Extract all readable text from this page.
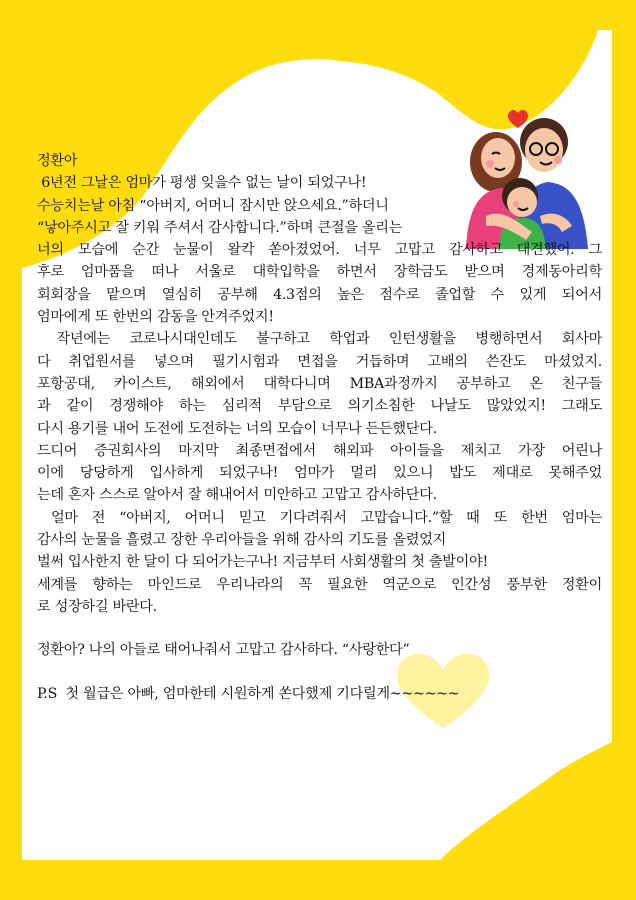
정환아
6년전 그날은 엄마가 평생 잊을수 없는 날이 되었구나!
수능치는날 아침 “아버지, 어머니 잠시만 앉으세요.”하더니
“낳아주시고 잘 키워 주셔서 감사합니다.”하며 큰절을 올리는
너의 모습에 순간 눈물이 왈칵 쏟아졌었어. 너무 고맙고 감사하고 대견했어. 그
후로 엄마품을 떠나 서울로 대학입학을 하면서 장학금도 받으며 경제동아리학
회회장을 맡으며 열심히 공부해 4.3점의 높은 점수로 졸업할 수 있게 되어서
엄마에게 또 한번의 감동을 안겨주었지!
작년에는 코로나시대인데도 불구하고 학업과 인턴생활을 병행하면서 회사마
다 취업원서를 넣으며 필기시험과 면접을 거듭하며 고배의 쓴잔도 마셨었지.
포항공대, 카이스트, 해외에서 대학다니며 MBA과정까지 공부하고 온 친구들
과 같이 경쟁해야 하는 심리적 부담으로 의기소침한 나날도 많았었지! 그래도
다시 용기를 내어 도전에 도전하는 너의 모습이 너무나 든든했단다.
드디어 증권회사의 마지막 최종면접에서 해외파 아이들을 제치고 가장 어린나
이에 당당하게 입사하게 되었구나! 엄마가 멀리 있으니 밥도 제대로 못해주었
는데 혼자 스스로 알아서 잘 해내어서 미안하고 고맙고 감사하단다.
얼마 전 “아버지, 어머니 믿고 기다려줘서 고맙습니다.”할 때 또 한번 엄마는
감사의 눈물을 흘렸고 장한 우리아들을 위해 감사의 기도를 올렸었지
벌써 입사한지 한 달이 다 되어가는구나! 지금부터 사회생활의 첫 출발이야!
세계를 향하는 마인드로 우리나라의 꼭 필요한 역군으로 인간성 풍부한 정환이
로 성장하길 바란다.
정환아? 나의 아들로 태어나줘서 고맙고 감사하다. “사랑한다”
P.S  첫 월급은 아빠, 엄마한테 시원하게 쏜다했제 기다릴게~~~~~~
